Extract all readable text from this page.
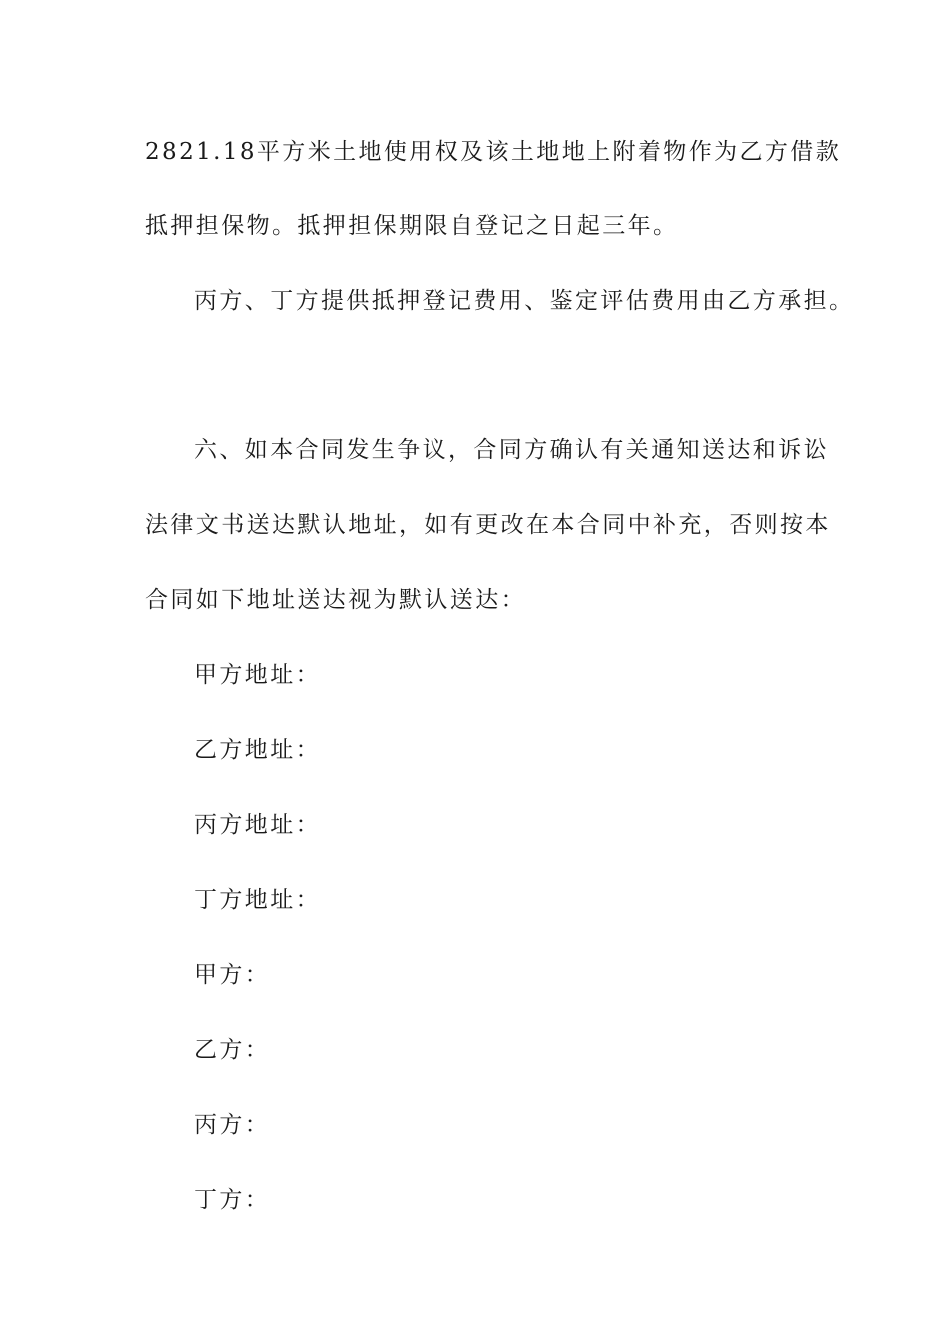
2821.18平方米土地使用权及该土地地上附着物作为乙方借款
抵押担保物。抵押担保期限自登记之日起三年。
丙方、丁方提供抵押登记费用、鉴定评估费用由乙方承担。
六、如本合同发生争议，合同方确认有关通知送达和诉讼
法律文书送达默认地址，如有更改在本合同中补充，否则按本
合同如下地址送达视为默认送达：
甲方地址：
乙方地址：
丙方地址：
丁方地址：
甲方：
乙方：
丙方：
丁方：
